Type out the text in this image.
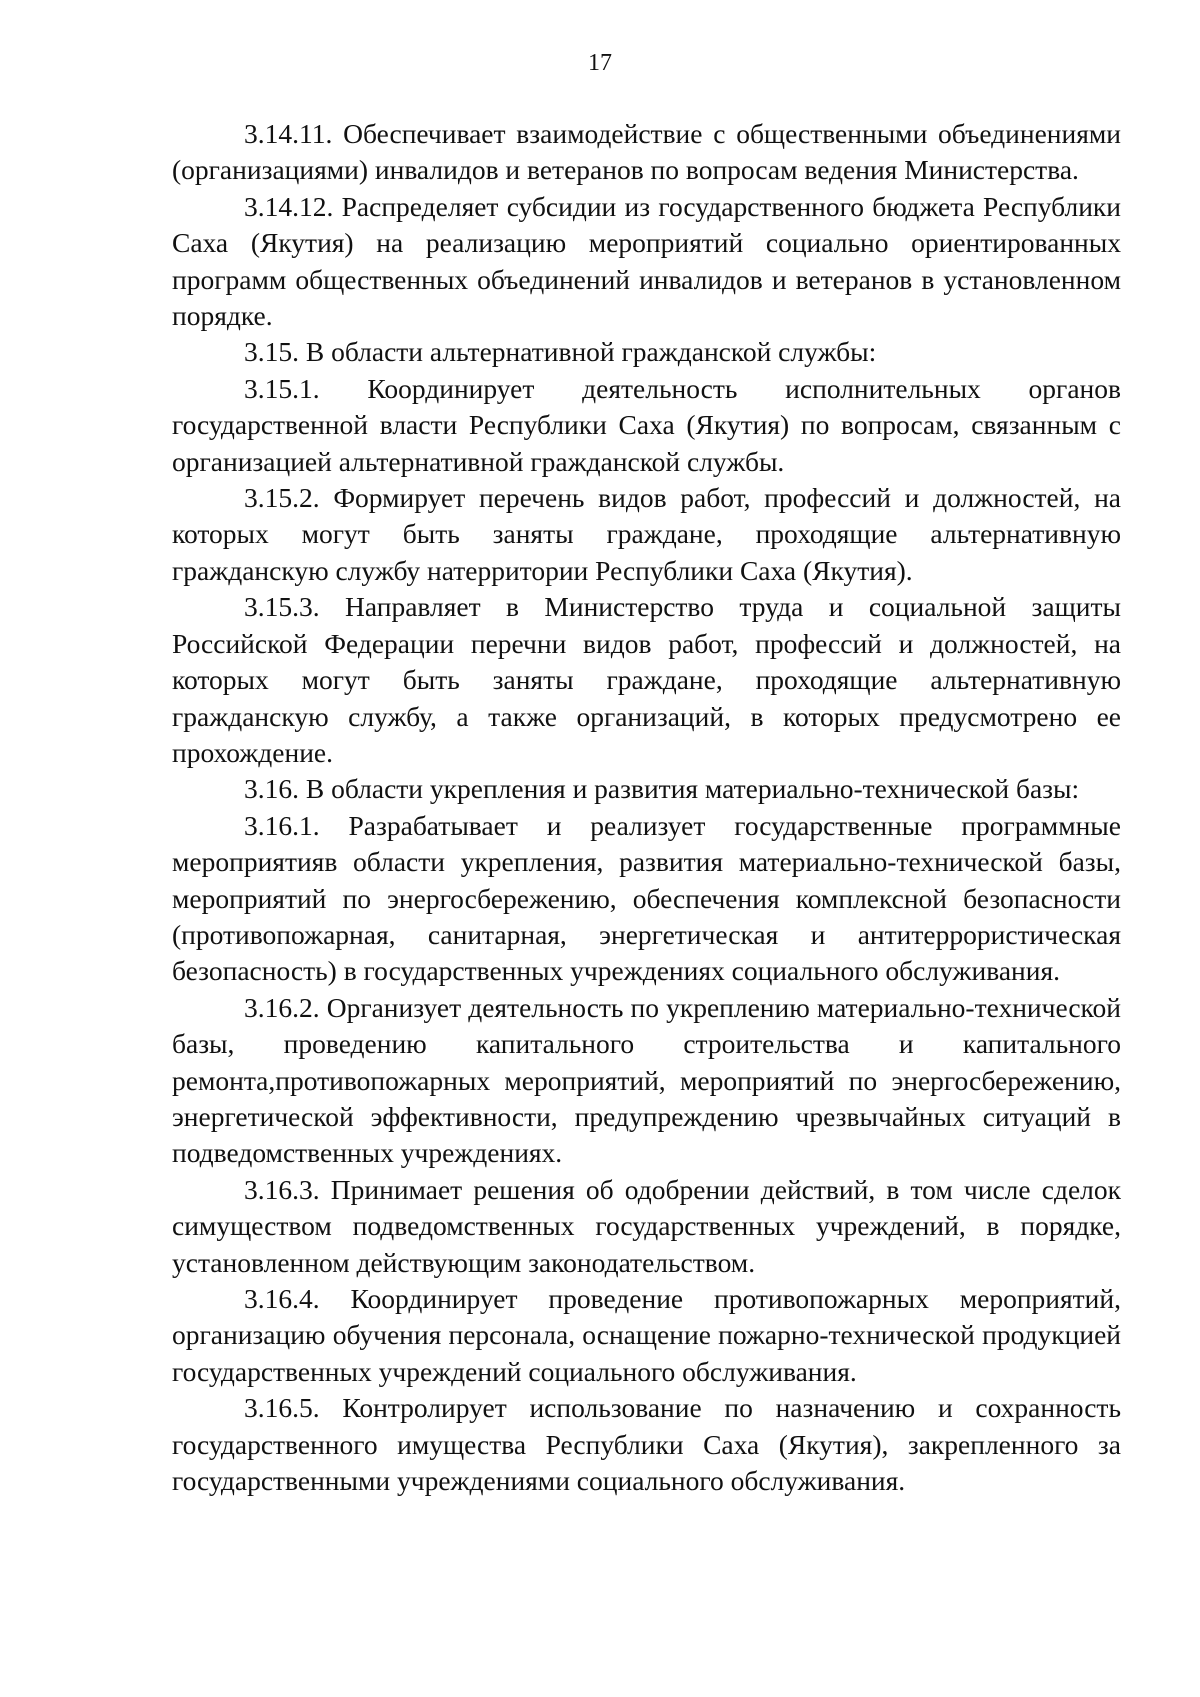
17

3.14.11. Обеспечивает взаимодействие с общественными объединениями (организациями) инвалидов и ветеранов по вопросам ведения Министерства.

3.14.12. Распределяет субсидии из государственного бюджета Республики Саха (Якутия) на реализацию мероприятий социально ориентированных программ общественных объединений инвалидов и ветеранов в установленном порядке.

3.15. В области альтернативной гражданской службы:

3.15.1. Координирует деятельность исполнительных органов государственной власти Республики Саха (Якутия) по вопросам, связанным с организацией альтернативной гражданской службы.

3.15.2. Формирует перечень видов работ, профессий и должностей, на которых могут быть заняты граждане, проходящие альтернативную гражданскую службу натерритории Республики Саха (Якутия).

3.15.3. Направляет в Министерство труда и социальной защиты Российской Федерации перечни видов работ, профессий и должностей, на которых могут быть заняты граждане, проходящие альтернативную гражданскую службу, а также организаций, в которых предусмотрено ее прохождение.

3.16. В области укрепления и развития материально-технической базы:

3.16.1. Разрабатывает и реализует государственные программные мероприятияв области укрепления, развития материально-технической базы, мероприятий по энергосбережению, обеспечения комплексной безопасности (противопожарная, санитарная, энергетическая и антитеррористическая безопасность) в государственных учреждениях социального обслуживания.

3.16.2. Организует деятельность по укреплению материально-технической базы, проведению капитального строительства и капитального ремонта,противопожарных мероприятий, мероприятий по энергосбережению, энергетической эффективности, предупреждению чрезвычайных ситуаций в подведомственных учреждениях.

3.16.3. Принимает решения об одобрении действий, в том числе сделок симуществом подведомственных государственных учреждений, в порядке, установленном действующим законодательством.

3.16.4. Координирует проведение противопожарных мероприятий, организацию обучения персонала, оснащение пожарно-технической продукцией государственных учреждений социального обслуживания.

3.16.5. Контролирует использование по назначению и сохранность государственного имущества Республики Саха (Якутия), закрепленного за государственными учреждениями социального обслуживания.
